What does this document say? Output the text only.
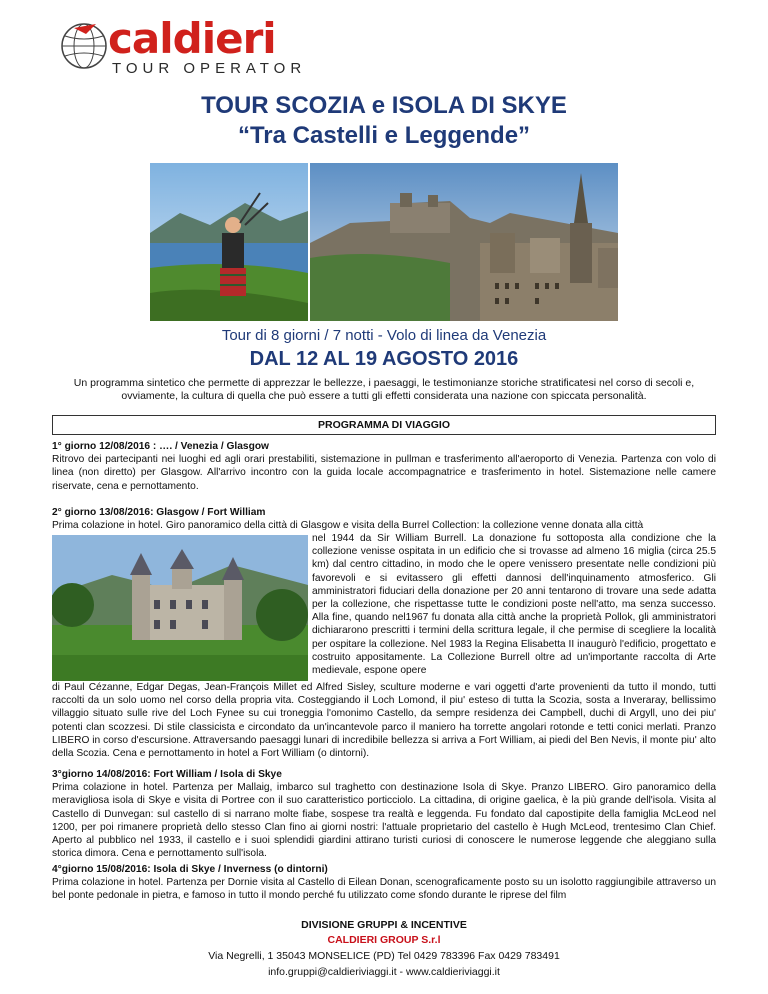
caldieri
TOUR OPERATOR
TOUR SCOZIA e ISOLA DI SKYE
“Tra Castelli e Leggende”
Tour di 8 giorni / 7 notti - Volo di linea da Venezia
DAL 12 AL 19 AGOSTO 2016
Un programma sintetico che permette di apprezzar le bellezze, i paesaggi, le testimonianze storiche stratificatesi nel corso di secoli e, ovviamente, la cultura di quella che può essere a tutti gli effetti considerata una nazione con spiccata personalità.
PROGRAMMA DI VIAGGIO
1° giorno 12/08/2016 : …. / Venezia / Glasgow
Ritrovo dei partecipanti nei luoghi ed agli orari prestabiliti, sistemazione in pullman e trasferimento all'aeroporto di Venezia. Partenza con volo di linea (non diretto) per Glasgow. All'arrivo incontro con la guida locale accompagnatrice e trasferimento in hotel. Sistemazione nelle camere riservate, cena e pernottamento.
2° giorno 13/08/2016: Glasgow / Fort William
Prima colazione in hotel. Giro panoramico della città di Glasgow e visita della Burrel Collection: la collezione venne donata alla città
nel 1944 da Sir William Burrell. La donazione fu sottoposta alla condizione che la collezione venisse ospitata in un edificio che si trovasse ad almeno 16 miglia (circa 25.5 km) dal centro cittadino, in modo che le opere venissero presentate nelle condizioni più favorevoli e si evitassero gli effetti dannosi dell'inquinamento atmosferico. Gli amministratori fiduciari della donazione per 20 anni tentarono di trovare una sede adatta per la collezione, che rispettasse tutte le condizioni poste nell'atto, ma senza successo. Alla fine, quando nel1967 fu donata alla città anche la proprietà Pollok, gli amministratori dichiararono prescritti i termini della scrittura legale, il che permise di scegliere la località per ospitare la collezione. Nel 1983 la Regina Elisabetta II inaugurò l'edificio, progettato e costruito appositamente. La Collezione Burrell oltre ad un'importante raccolta di Arte medievale, espone opere
di Paul Cézanne, Edgar Degas, Jean-François Millet ed Alfred Sisley, sculture moderne e vari oggetti d'arte provenienti da tutto il mondo, tutti raccolti da un solo uomo nel corso della propria vita. Costeggiando il Loch Lomond, il piu' esteso di tutta la Scozia, sosta a Inveraray, bellissimo villaggio situato sulle rive del Loch Fynee su cui troneggia l'omonimo Castello, da sempre residenza dei Campbell, duchi di Argyll, uno dei piu' potenti clan scozzesi. Di stile classicista e circondato da un'incantevole parco il maniero ha torrette angolari rotonde e tetti conici merlati. Pranzo LIBERO in corso d'escursione. Attraversando paesaggi lunari di incredibile bellezza si arriva a Fort William, ai piedi del Ben Nevis, il monte piu' alto della Scozia. Cena e pernottamento in hotel a Fort William (o dintorni).
3°giorno 14/08/2016: Fort William / Isola di Skye
Prima colazione in hotel. Partenza per Mallaig, imbarco sul traghetto con destinazione Isola di Skye. Pranzo LIBERO. Giro panoramico della meravigliosa isola di Skye e visita di Portree con il suo caratteristico porticciolo. La cittadina, di origine gaelica, è la più grande dell'isola. Visita al Castello di Dunvegan: sul castello di si narrano molte fiabe, sospese tra realtà e leggenda. Fu fondato dal capostipite della famiglia McLeod nel 1200, per poi rimanere proprietà dello stesso Clan fino ai giorni nostri: l'attuale proprietario del castello è Hugh McLeod, trentesimo Clan Chief. Aperto al pubblico nel 1933, il castello e i suoi splendidi giardini attirano turisti curiosi di conoscere le numerose leggende che aleggiano sulla storica dimora. Cena e pernottamento sull'isola.
4°giorno 15/08/2016: Isola di Skye / Inverness (o dintorni)
Prima colazione in hotel. Partenza per Dornie visita al Castello di Eilean Donan, scenograficamente posto su un isolotto raggiungibile attraverso un bel ponte pedonale in pietra, e famoso in tutto il mondo perché fu utilizzato come sfondo durante le riprese del film
DIVISIONE GRUPPI & INCENTIVE
CALDIERI GROUP S.r.l
Via Negrelli, 1 35043 MONSELICE (PD) Tel 0429 783396 Fax 0429 783491
info.gruppi@caldieriviaggi.it - www.caldieriviaggi.it
